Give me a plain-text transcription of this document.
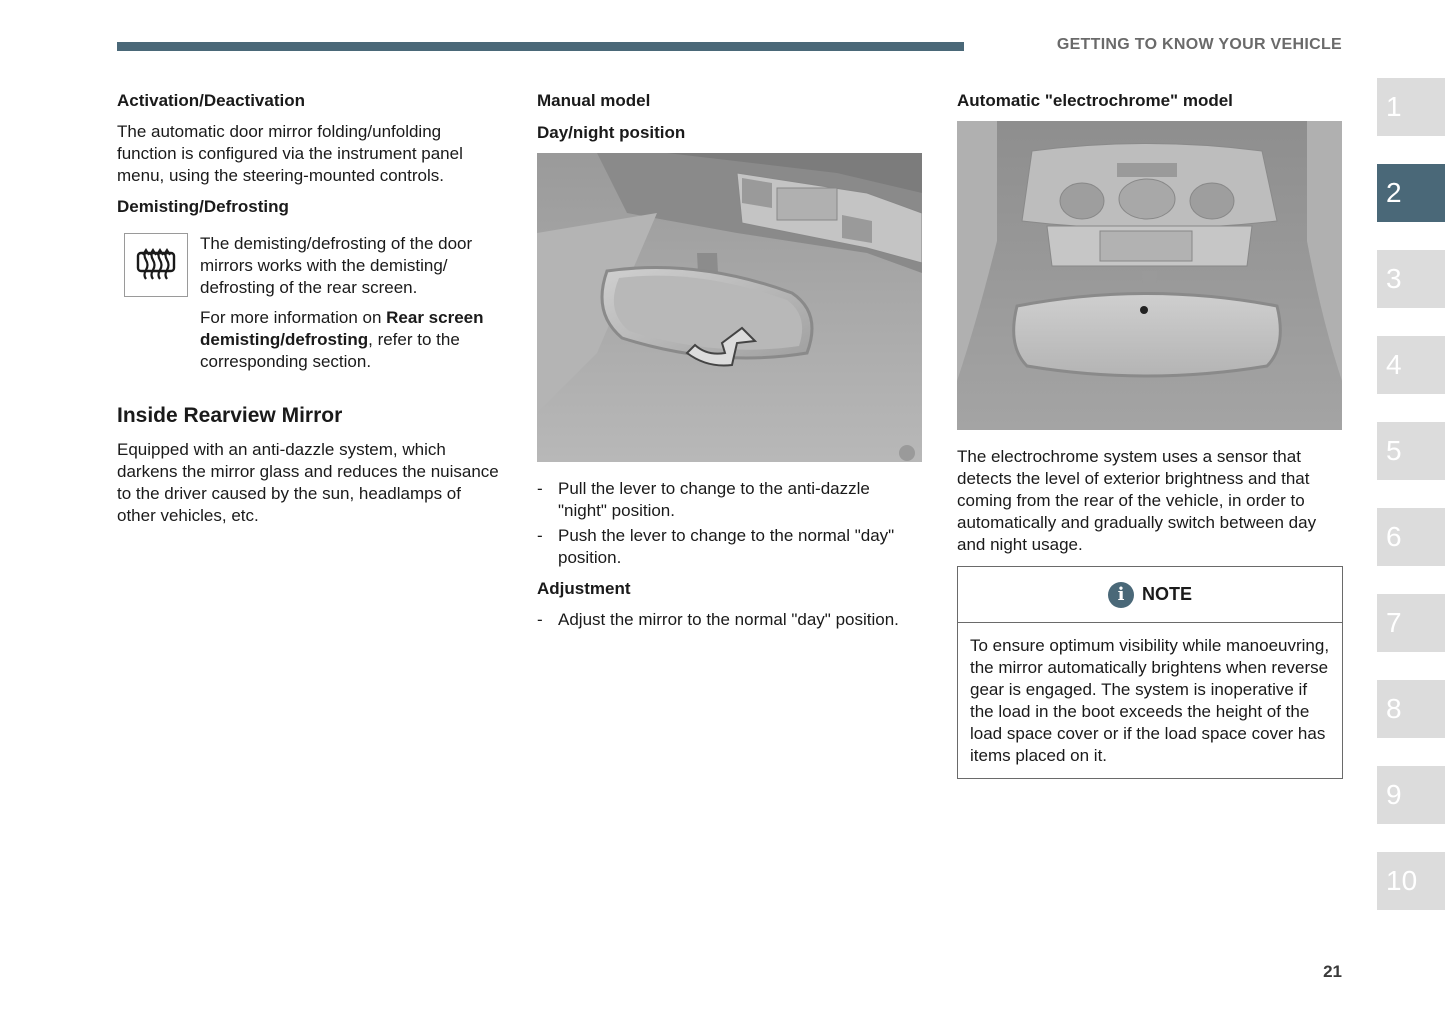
GETTING TO KNOW YOUR VEHICLE
Activation/Deactivation

The automatic door mirror folding/unfolding function is configured via the instrument panel menu, using the steering-mounted controls.

Demisting/Defrosting

The demisting/defrosting of the door mirrors works with the demisting/ defrosting of the rear screen.

For more information on Rear screen demisting/defrosting, refer to the corresponding section.

Inside Rearview Mirror

Equipped with an anti-dazzle system, which darkens the mirror glass and reduces the nuisance to the driver caused by the sun, headlamps of other vehicles, etc.

Manual model
Day/night position
- Pull the lever to change to the anti-dazzle "night" position.
- Push the lever to change to the normal "day" position.
Adjustment
- Adjust the mirror to the normal "day" position.
Automatic "electrochrome" model

The electrochrome system uses a sensor that detects the level of exterior brightness and that coming from the rear of the vehicle, in order to automatically and gradually switch between day and night usage.

i NOTE
To ensure optimum visibility while manoeuvring, the mirror automatically brightens when reverse gear is engaged. The system is inoperative if the load in the boot exceeds the height of the load space cover or if the load space cover has items placed on it.
1
2
3
4
5
6
7
8
9
10
21
